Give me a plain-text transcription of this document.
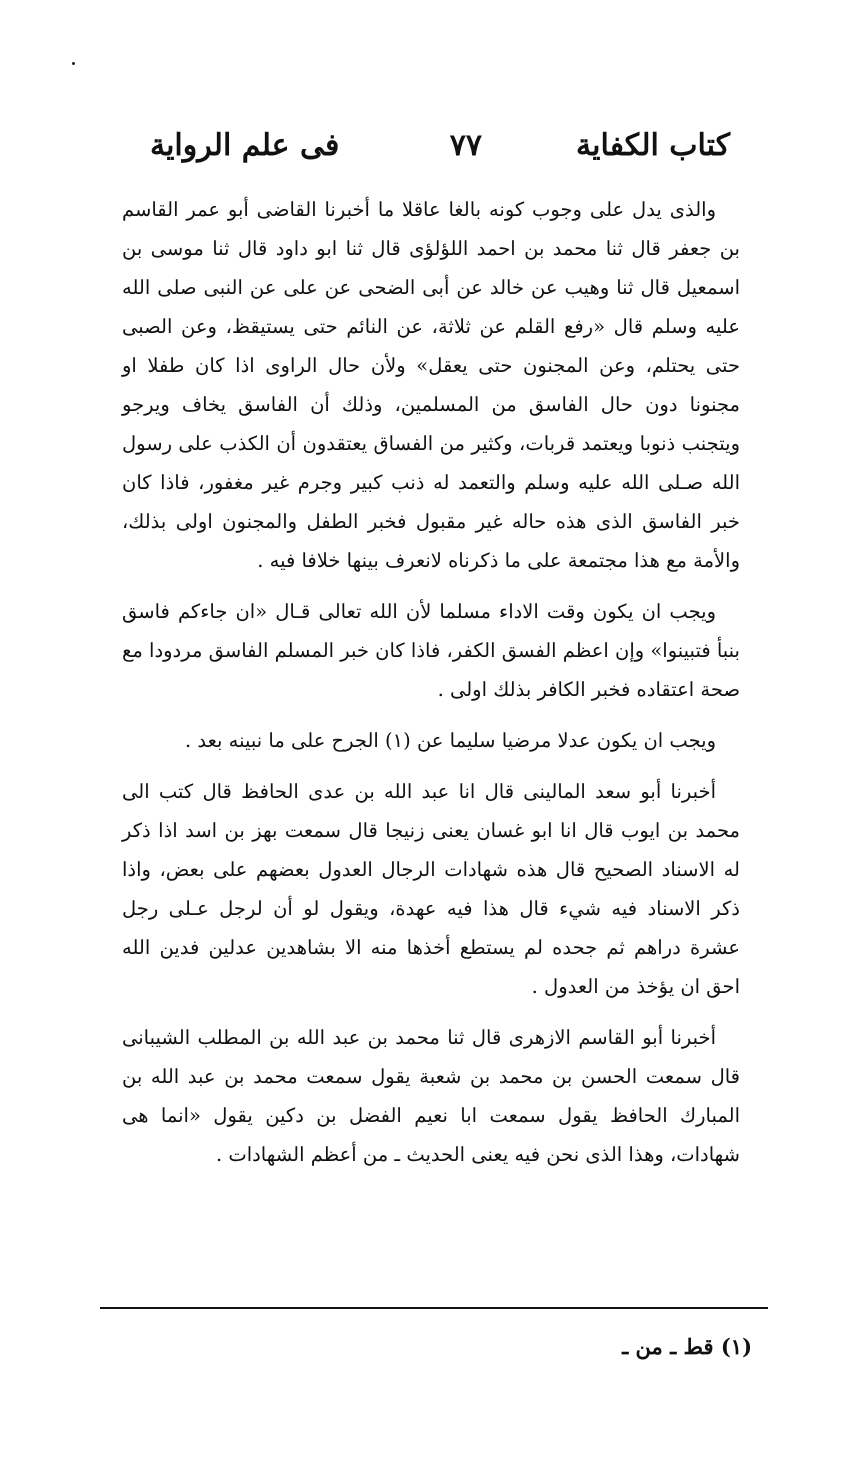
كتاب الكفاية
٧٧
فى علم الرواية

والذى يدل على وجوب كونه بالغا عاقلا ما أخبرنا القاضى أبو عمر القاسم بن جعفر قال ثنا محمد بن احمد اللؤلؤى قال ثنا ابو داود قال ثنا موسى بن اسمعيل قال ثنا وهيب عن خالد عن أبى الضحى عن على عن النبى صلى الله عليه وسلم قال «رفع القلم عن ثلاثة، عن النائم حتى يستيقظ، وعن الصبى حتى يحتلم، وعن المجنون حتى يعقل» ولأن حال الراوى اذا كان طفلا او مجنونا دون حال الفاسق من المسلمين، وذلك أن الفاسق يخاف ويرجو ويتجنب ذنوبا ويعتمد قربات، وكثير من الفساق يعتقدون أن الكذب على رسول الله صـلى الله عليه وسلم والتعمد له ذنب كبير وجرم غير مغفور، فاذا كان خبر الفاسق الذى هذه حاله غير مقبول فخبر الطفل والمجنون اولى بذلك، والأمة مع هذا مجتمعة على ما ذكرناه لانعرف بينها خلافا فيه .

ويجب ان يكون وقت الاداء مسلما لأن الله تعالى قـال «ان جاءكم فاسق بنبأ فتبينوا» وإن اعظم الفسق الكفر، فاذا كان خبر المسلم الفاسق مردودا مع صحة اعتقاده فخبر الكافر بذلك اولى .

ويجب ان يكون عدلا مرضيا سليما عن (١) الجرح على ما نبينه بعد .

أخبرنا أبو سعد المالينى قال انا عبد الله بن عدى الحافظ قال كتب الى محمد بن ايوب قال انا ابو غسان يعنى زنيجا قال سمعت بهز بن اسد اذا ذكر له الاسناد الصحيح قال هذه شهادات الرجال العدول بعضهم على بعض، واذا ذكر الاسناد فيه شيء قال هذا فيه عهدة، ويقول لو أن لرجل عـلى رجل عشرة دراهم ثم جحده لم يستطع أخذها منه الا بشاهدين عدلين فدين الله احق ان يؤخذ من العدول .

أخبرنا أبو القاسم الازهرى قال ثنا محمد بن عبد الله بن المطلب الشيبانى قال سمعت الحسن بن محمد بن شعبة يقول سمعت محمد بن عبد الله بن المبارك الحافظ يقول سمعت ابا نعيم الفضل بن دكين يقول «انما هى شهادات، وهذا الذى نحن فيه يعنى الحديث ـ من أعظم الشهادات .

(١) قط ـ من ـ
